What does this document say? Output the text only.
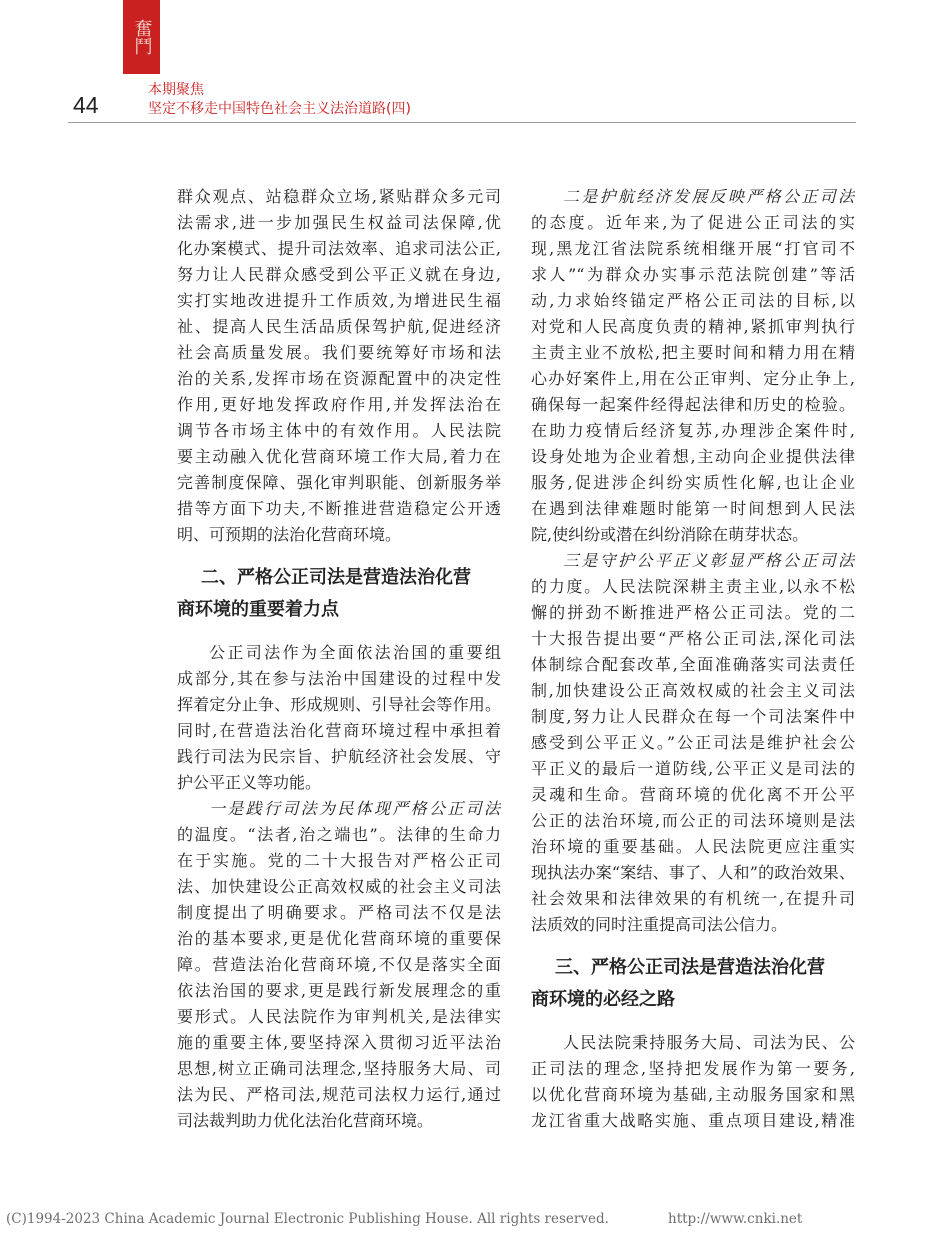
奮鬥
44
本期聚焦
坚定不移走中国特色社会主义法治道路(四)
群众观点、站稳群众立场,紧贴群众多元司
法需求,进一步加强民生权益司法保障,优
化办案模式、提升司法效率、追求司法公正,
努力让人民群众感受到公平正义就在身边,
实打实地改进提升工作质效,为增进民生福
祉、提高人民生活品质保驾护航,促进经济
社会高质量发展。我们要统筹好市场和法
治的关系,发挥市场在资源配置中的决定性
作用,更好地发挥政府作用,并发挥法治在
调节各市场主体中的有效作用。人民法院
要主动融入优化营商环境工作大局,着力在
完善制度保障、强化审判职能、创新服务举
措等方面下功夫,不断推进营造稳定公开透
明、可预期的法治化营商环境。
二、严格公正司法是营造法治化营
商环境的重要着力点
公正司法作为全面依法治国的重要组
成部分,其在参与法治中国建设的过程中发
挥着定分止争、形成规则、引导社会等作用。
同时,在营造法治化营商环境过程中承担着
践行司法为民宗旨、护航经济社会发展、守
护公平正义等功能。
一是践行司法为民体现严格公正司法
的温度。“法者,治之端也”。法律的生命力
在于实施。党的二十大报告对严格公正司
法、加快建设公正高效权威的社会主义司法
制度提出了明确要求。严格司法不仅是法
治的基本要求,更是优化营商环境的重要保
障。营造法治化营商环境,不仅是落实全面
依法治国的要求,更是践行新发展理念的重
要形式。人民法院作为审判机关,是法律实
施的重要主体,要坚持深入贯彻习近平法治
思想,树立正确司法理念,坚持服务大局、司
法为民、严格司法,规范司法权力运行,通过
司法裁判助力优化法治化营商环境。
二是护航经济发展反映严格公正司法
的态度。近年来,为了促进公正司法的实
现,黑龙江省法院系统相继开展“打官司不
求人”“为群众办实事示范法院创建”等活
动,力求始终锚定严格公正司法的目标,以
对党和人民高度负责的精神,紧抓审判执行
主责主业不放松,把主要时间和精力用在精
心办好案件上,用在公正审判、定分止争上,
确保每一起案件经得起法律和历史的检验。
在助力疫情后经济复苏,办理涉企案件时,
设身处地为企业着想,主动向企业提供法律
服务,促进涉企纠纷实质性化解,也让企业
在遇到法律难题时能第一时间想到人民法
院,使纠纷或潜在纠纷消除在萌芽状态。
三是守护公平正义彰显严格公正司法
的力度。人民法院深耕主责主业,以永不松
懈的拼劲不断推进严格公正司法。党的二
十大报告提出要“严格公正司法,深化司法
体制综合配套改革,全面准确落实司法责任
制,加快建设公正高效权威的社会主义司法
制度,努力让人民群众在每一个司法案件中
感受到公平正义。”公正司法是维护社会公
平正义的最后一道防线,公平正义是司法的
灵魂和生命。营商环境的优化离不开公平
公正的法治环境,而公正的司法环境则是法
治环境的重要基础。人民法院更应注重实
现执法办案“案结、事了、人和”的政治效果、
社会效果和法律效果的有机统一,在提升司
法质效的同时注重提高司法公信力。
三、严格公正司法是营造法治化营
商环境的必经之路
人民法院秉持服务大局、司法为民、公
正司法的理念,坚持把发展作为第一要务,
以优化营商环境为基础,主动服务国家和黑
龙江省重大战略实施、重点项目建设,精准
(C)1994-2023 China Academic Journal Electronic Publishing House. All rights reserved.	http://www.cnki.net
